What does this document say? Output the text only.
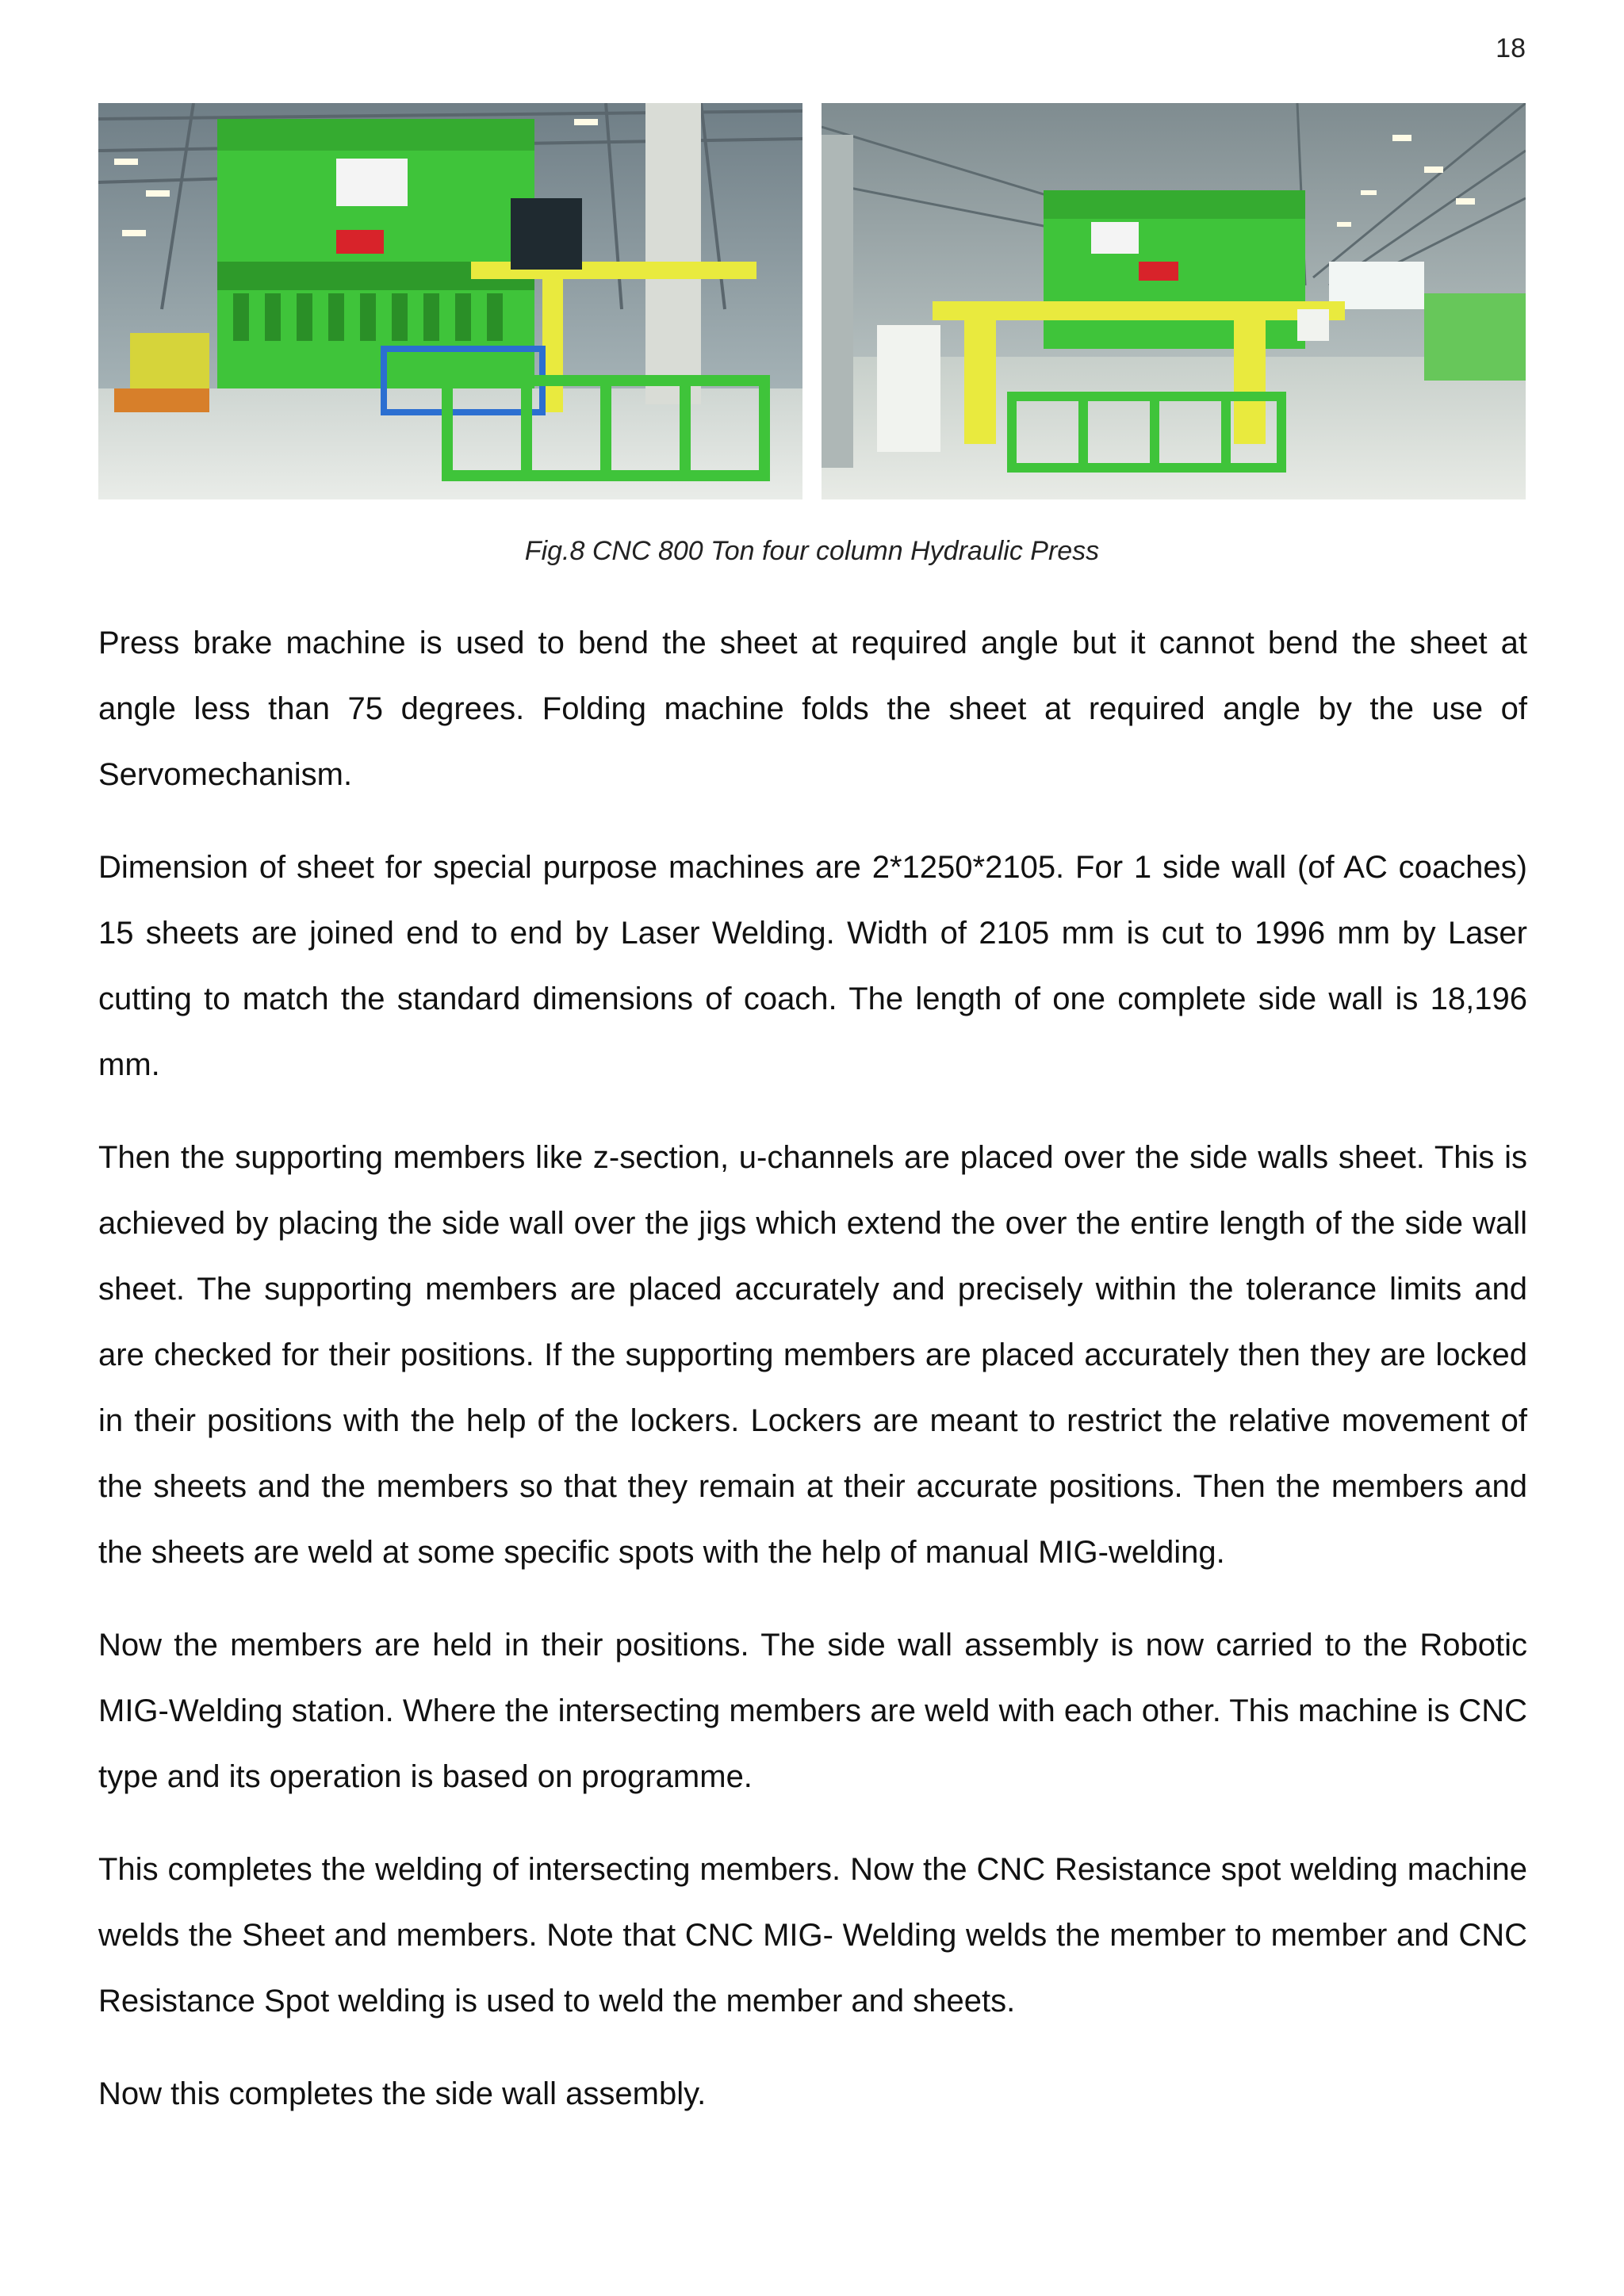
18
Fig.8 CNC 800 Ton four column Hydraulic Press

Press brake machine is used to bend the sheet at required angle but it cannot bend the sheet at angle less than 75 degrees. Folding machine folds the sheet at required angle by the use of Servomechanism.

Dimension of sheet for special purpose machines are 2*1250*2105. For 1 side wall (of AC coaches) 15 sheets are joined end to end by Laser Welding. Width of 2105 mm is cut to 1996 mm by Laser cutting to match the standard dimensions of coach. The length of one complete side wall is 18,196 mm.

Then the supporting members like z-section, u-channels are placed over the side walls sheet. This is achieved by placing the side wall over the jigs which extend the over the entire length of the side wall sheet. The supporting members are placed accurately and precisely within the tolerance limits and are checked for their positions. If the supporting members are placed accurately then they are locked in their positions with the help of the lockers. Lockers are meant to restrict the relative movement of the sheets and the members so that they remain at their accurate positions. Then the members and the sheets are weld at some specific spots with the help of manual MIG-welding.

Now the members are held in their positions. The side wall assembly is now carried to the Robotic MIG-Welding station. Where the intersecting members are weld with each other. This machine is CNC type and its operation is based on programme.

This completes the welding of intersecting members. Now the CNC Resistance spot welding machine welds the Sheet and members. Note that CNC MIG- Welding welds the member to member and CNC Resistance Spot welding is used to weld the member and sheets.

Now this completes the side wall assembly.
